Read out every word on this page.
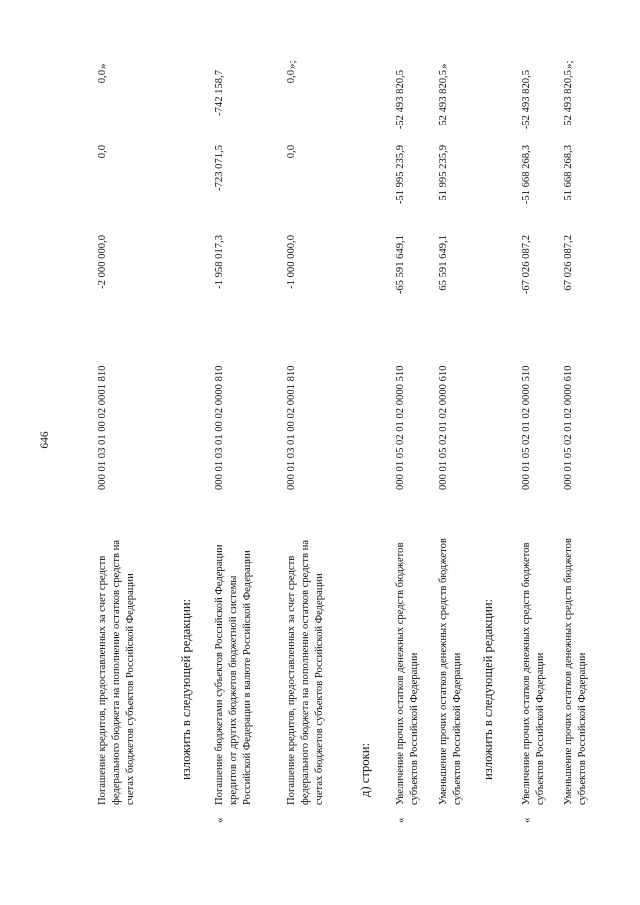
646
Погашение кредитов, предоставленных за счет средств федерального бюджета на пополнение остатков средств на счетах бюджетов субъектов Российской Федерации
000 01 03 01 00 02 0001 810
-2 000 000,0
0,0
0,0
»
изложить в следующей редакции:
«
Погашение бюджетами субъектов Российской Федерации кредитов от других бюджетов бюджетной системы Российской Федерации в валюте Российской Федерации
000 01 03 01 00 02 0000 810
-1 958 017,3
-723 071,5
-742 158,7
Погашение кредитов, предоставленных за счет средств федерального бюджета на пополнение остатков средств на счетах бюджетов субъектов Российской Федерации
000 01 03 01 00 02 0001 810
-1 000 000,0
0,0
0,0
»;
д) строки:
«
Увеличение прочих остатков денежных средств бюджетов субъектов Российской Федерации
000 01 05 02 01 02 0000 510
-65 591 649,1
-51 995 235,9
-52 493 820,5
Уменьшение прочих остатков денежных средств бюджетов субъектов Российской Федерации
000 01 05 02 01 02 0000 610
65 591 649,1
51 995 235,9
52 493 820,5
»
изложить в следующей редакции:
«
Увеличение прочих остатков денежных средств бюджетов субъектов Российской Федерации
000 01 05 02 01 02 0000 510
-67 026 087,2
-51 668 268,3
-52 493 820,5
Уменьшение прочих остатков денежных средств бюджетов субъектов Российской Федерации
000 01 05 02 01 02 0000 610
67 026 087,2
51 668 268,3
52 493 820,5
»;
